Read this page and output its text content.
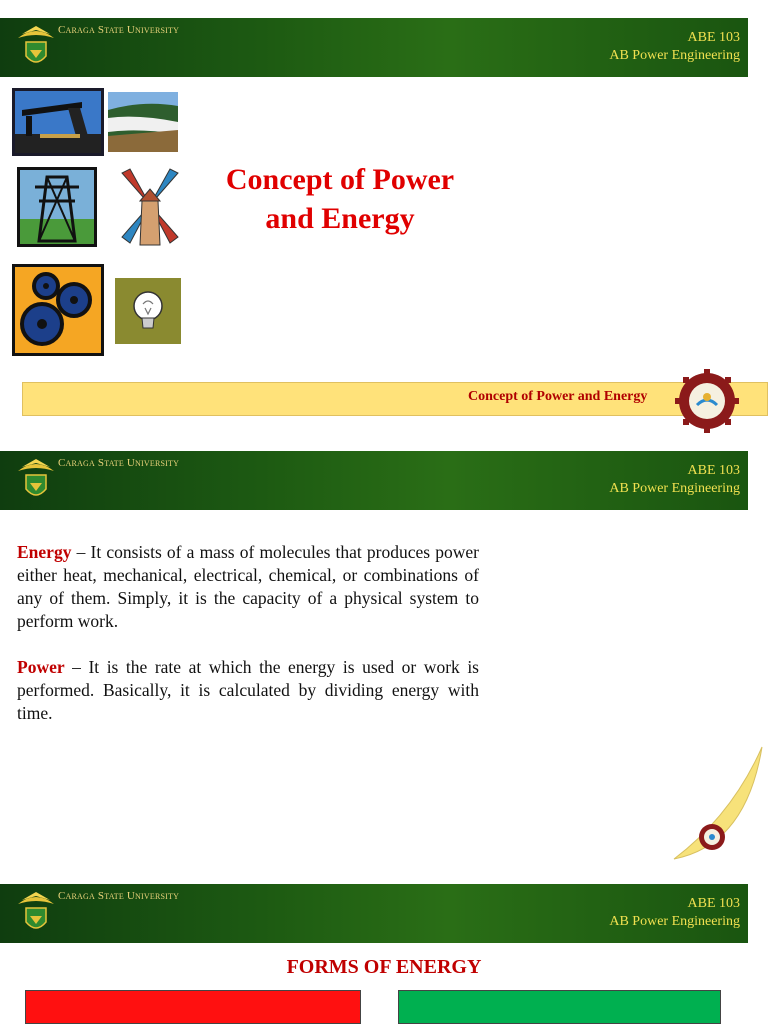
Caraga State University	ABE 103
AB Power Engineering
Concept of Power
and Energy
Concept of Power and Energy
Caraga State University	ABE 103
AB Power Engineering

Energy – It consists of a mass of molecules that produces power either heat, mechanical, electrical, chemical, or combinations of any of them. Simply, it is the capacity of a physical system to perform work.

Power – It is the rate at which the energy is used or work is performed. Basically, it is calculated by dividing energy with time.

Caraga State University	ABE 103
AB Power Engineering
FORMS OF ENERGY
